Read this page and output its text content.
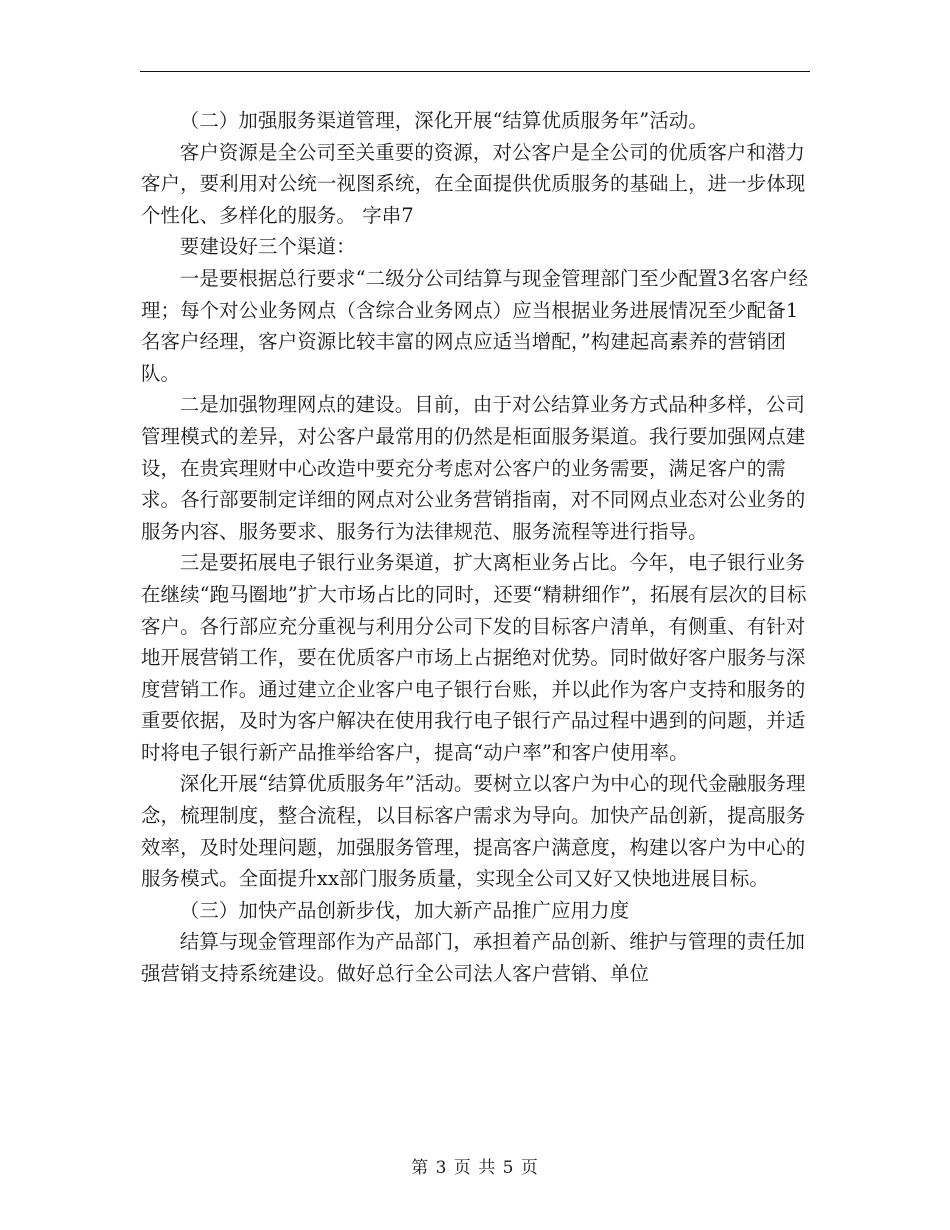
（二）加强服务渠道管理，深化开展“结算优质服务年”活动。

客户资源是全公司至关重要的资源，对公客户是全公司的优质客户和潜力客户，要利用对公统一视图系统，在全面提供优质服务的基础上，进一步体现个性化、多样化的服务。 字串7

要建设好三个渠道：

一是要根据总行要求“二级分公司结算与现金管理部门至少配置3名客户经理；每个对公业务网点（含综合业务网点）应当根据业务进展情况至少配备1名客户经理，客户资源比较丰富的网点应适当增配，”构建起高素养的营销团队。

二是加强物理网点的建设。目前，由于对公结算业务方式品种多样，公司管理模式的差异，对公客户最常用的仍然是柜面服务渠道。我行要加强网点建设，在贵宾理财中心改造中要充分考虑对公客户的业务需要，满足客户的需求。各行部要制定详细的网点对公业务营销指南，对不同网点业态对公业务的服务内容、服务要求、服务行为法律规范、服务流程等进行指导。

三是要拓展电子银行业务渠道，扩大离柜业务占比。今年，电子银行业务在继续“跑马圈地”扩大市场占比的同时，还要“精耕细作”，拓展有层次的目标客户。各行部应充分重视与利用分公司下发的目标客户清单，有侧重、有针对地开展营销工作，要在优质客户市场上占据绝对优势。同时做好客户服务与深度营销工作。通过建立企业客户电子银行台账，并以此作为客户支持和服务的重要依据，及时为客户解决在使用我行电子银行产品过程中遇到的问题，并适时将电子银行新产品推举给客户，提高“动户率”和客户使用率。

深化开展“结算优质服务年”活动。要树立以客户为中心的现代金融服务理念，梳理制度，整合流程，以目标客户需求为导向。加快产品创新，提高服务效率，及时处理问题，加强服务管理，提高客户满意度，构建以客户为中心的服务模式。全面提升xx部门服务质量，实现全公司又好又快地进展目标。

（三）加快产品创新步伐，加大新产品推广应用力度

结算与现金管理部作为产品部门，承担着产品创新、维护与管理的责任加强营销支持系统建设。做好总行全公司法人客户营销、单位

第 3 页 共 5 页
